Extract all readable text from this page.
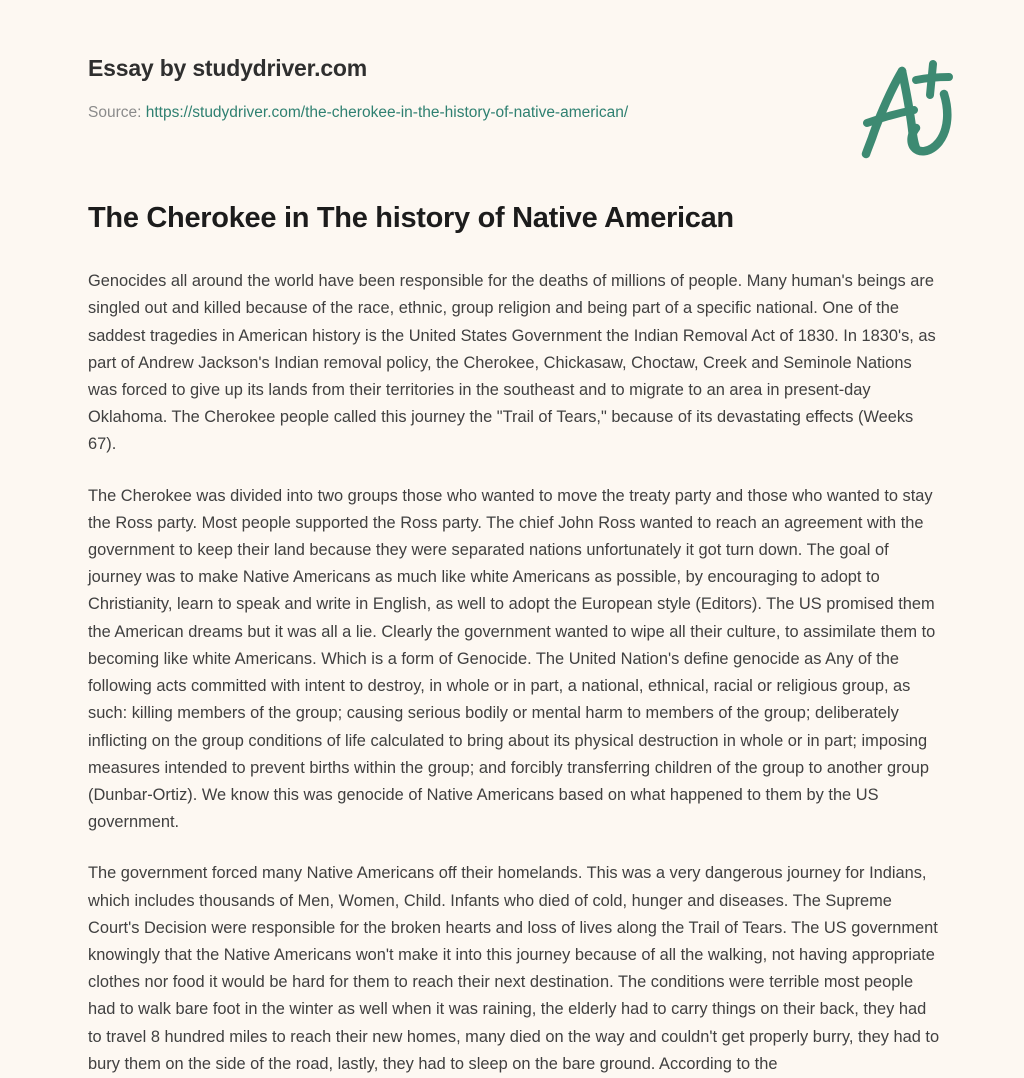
Essay by studydriver.com
Source: https://studydriver.com/the-cherokee-in-the-history-of-native-american/
The Cherokee in The history of Native American

Genocides all around the world have been responsible for the deaths of millions of people. Many human's beings are singled out and killed because of the race, ethnic, group religion and being part of a specific national. One of the saddest tragedies in American history is the United States Government the Indian Removal Act of 1830. In 1830's, as part of Andrew Jackson's Indian removal policy, the Cherokee, Chickasaw, Choctaw, Creek and Seminole Nations was forced to give up its lands from their territories in the southeast and to migrate to an area in present-day Oklahoma. The Cherokee people called this journey the "Trail of Tears," because of its devastating effects (Weeks 67).

The Cherokee was divided into two groups those who wanted to move the treaty party and those who wanted to stay the Ross party. Most people supported the Ross party. The chief John Ross wanted to reach an agreement with the government to keep their land because they were separated nations unfortunately it got turn down. The goal of journey was to make Native Americans as much like white Americans as possible, by encouraging to adopt to Christianity, learn to speak and write in English, as well to adopt the European style (Editors). The US promised them the American dreams but it was all a lie. Clearly the government wanted to wipe all their culture, to assimilate them to becoming like white Americans. Which is a form of Genocide. The United Nation's define genocide as Any of the following acts committed with intent to destroy, in whole or in part, a national, ethnical, racial or religious group, as such: killing members of the group; causing serious bodily or mental harm to members of the group; deliberately inflicting on the group conditions of life calculated to bring about its physical destruction in whole or in part; imposing measures intended to prevent births within the group; and forcibly transferring children of the group to another group (Dunbar-Ortiz). We know this was genocide of Native Americans based on what happened to them by the US government.

The government forced many Native Americans off their homelands. This was a very dangerous journey for Indians, which includes thousands of Men, Women, Child. Infants who died of cold, hunger and diseases. The Supreme Court's Decision were responsible for the broken hearts and loss of lives along the Trail of Tears. The US government knowingly that the Native Americans won't make it into this journey because of all the walking, not having appropriate clothes nor food it would be hard for them to reach their next destination. The conditions were terrible most people had to walk bare foot in the winter as well when it was raining, the elderly had to carry things on their back, they had to travel 8 hundred miles to reach their new homes, many died on the way and couldn't get properly burry, they had to bury them on the side of the road, lastly, they had to sleep on the bare ground. According to the
